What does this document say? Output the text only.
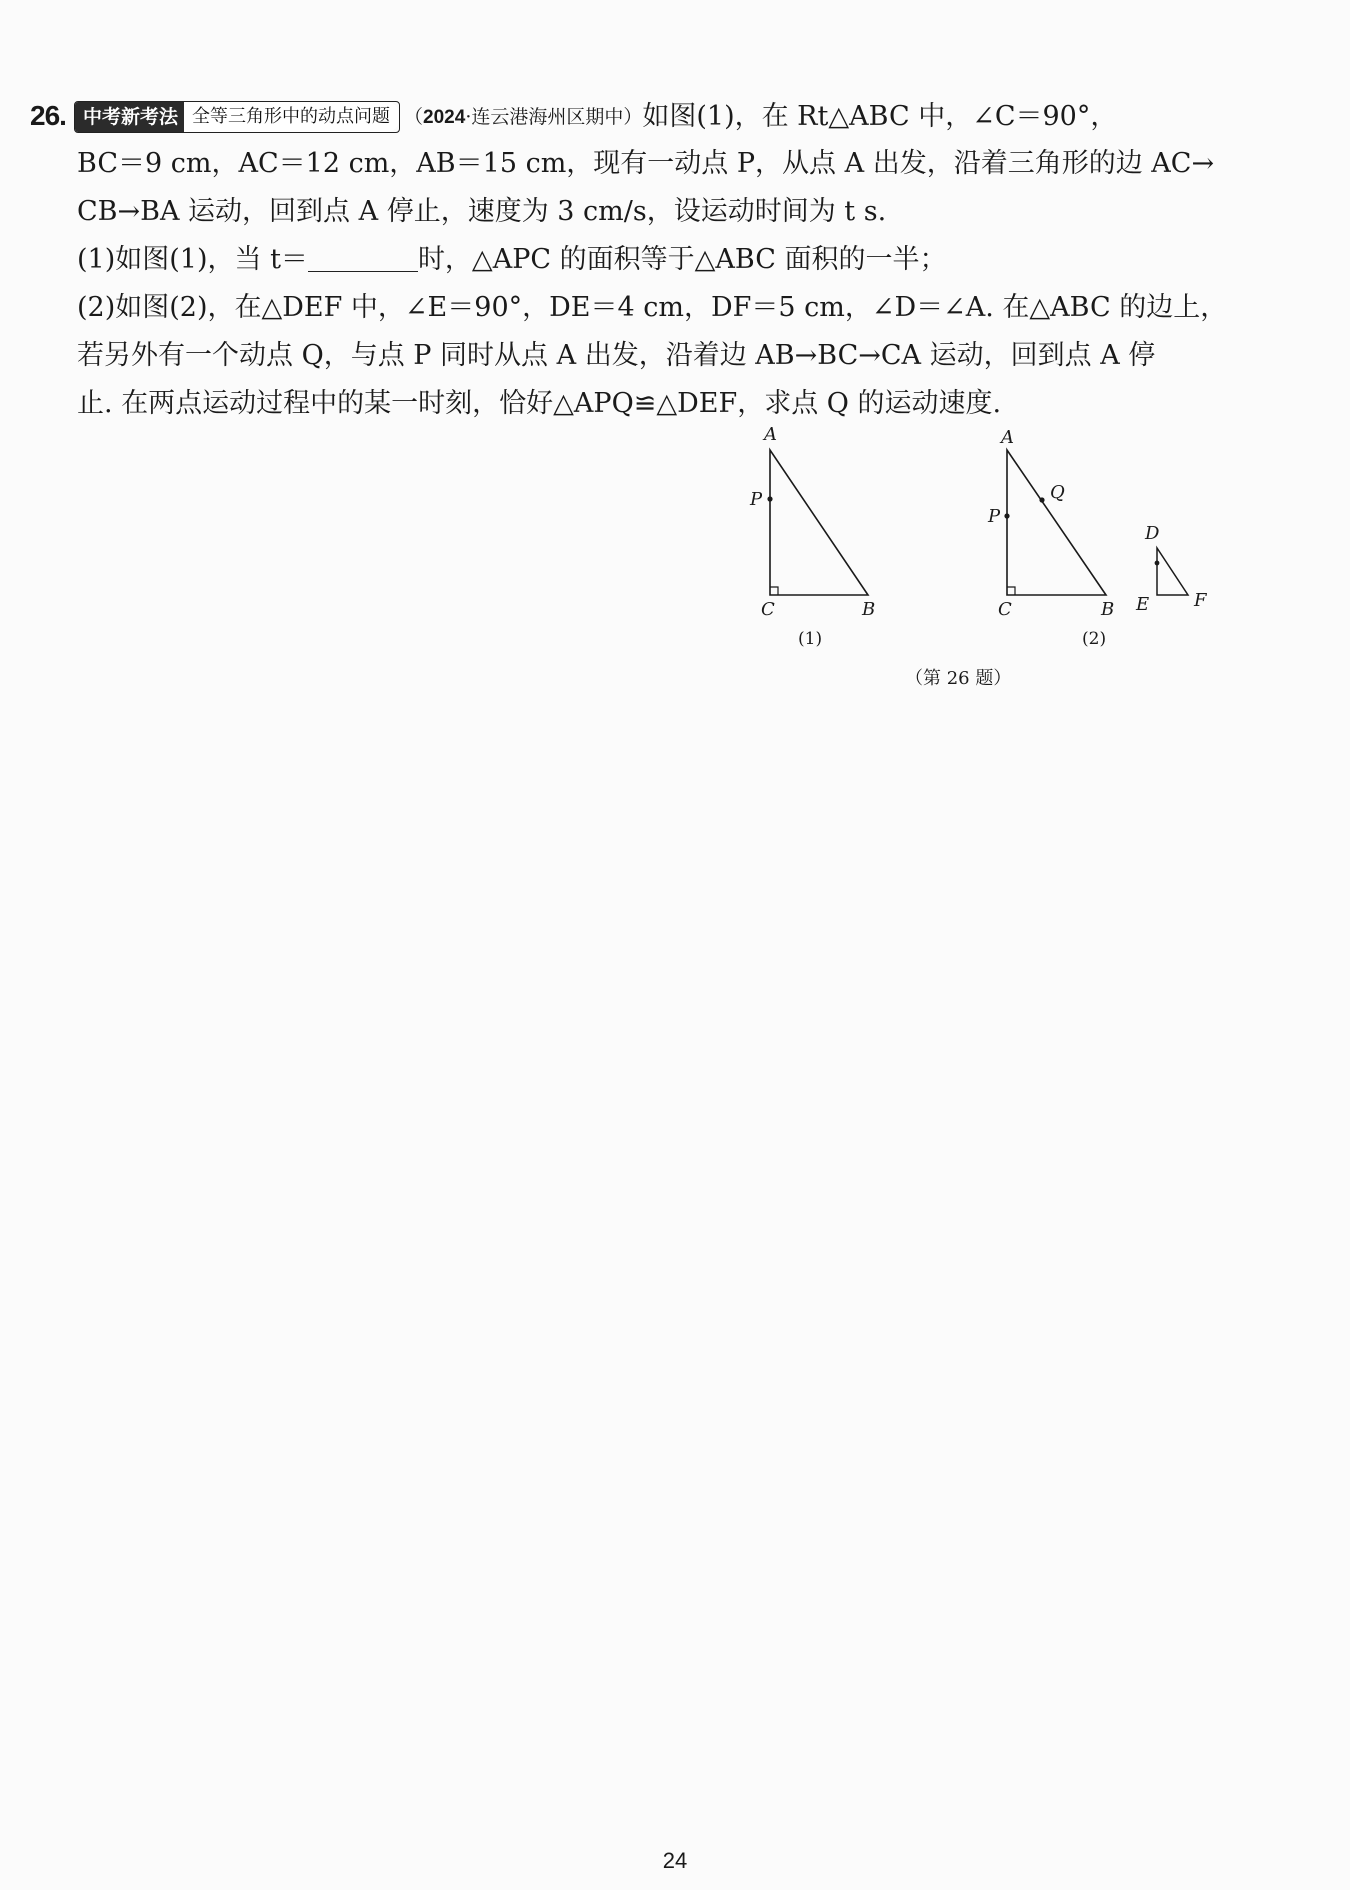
26. 中考新考法 全等三角形中的动点问题 （2024·连云港海州区期中）如图(1)，在 Rt△ABC 中，∠C＝90°，
BC＝9 cm，AC＝12 cm，AB＝15 cm，现有一动点 P，从点 A 出发，沿着三角形的边 AC→
CB→BA 运动，回到点 A 停止，速度为 3 cm/s，设运动时间为 t s.
(1)如图(1)，当 t＝	时，△APC 的面积等于△ABC 面积的一半；
(2)如图(2)，在△DEF 中，∠E＝90°，DE＝4 cm，DF＝5 cm，∠D＝∠A. 在△ABC 的边上，
若另外有一个动点 Q，与点 P 同时从点 A 出发，沿着边 AB→BC→CA 运动，回到点 A 停
止. 在两点运动过程中的某一时刻，恰好△APQ≌△DEF，求点 Q 的运动速度.
A
P
C	B
(1)
A
Q
P
C	B
(2)
D
E F
（第 26 题）
24
